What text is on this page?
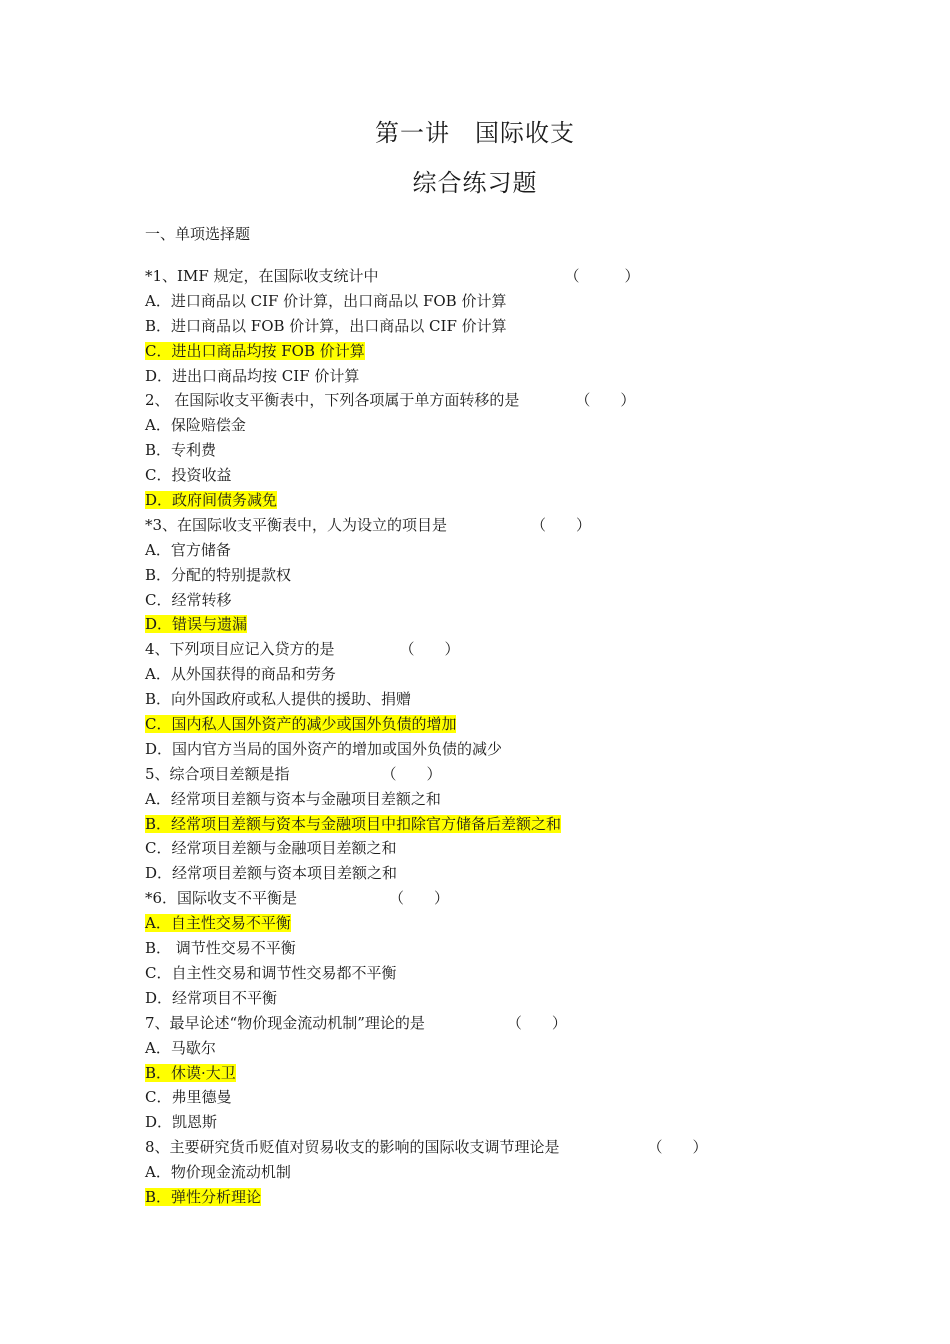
第一讲　国际收支
综合练习题
一、单项选择题
*1、IMF 规定，在国际收支统计中	（　　　）
A．进口商品以 CIF 价计算，出口商品以 FOB 价计算
B．进口商品以 FOB 价计算，出口商品以 CIF 价计算
C．进出口商品均按 FOB 价计算
D．进出口商品均按 CIF 价计算
2、 在国际收支平衡表中，下列各项属于单方面转移的是	（　　）
A．保险赔偿金
B．专利费
C．投资收益
D．政府间债务减免
*3、在国际收支平衡表中，人为设立的项目是	（　　）
A．官方储备
B．分配的特别提款权
C．经常转移
D．错误与遗漏
4、下列项目应记入贷方的是	（　　）
A．从外国获得的商品和劳务
B．向外国政府或私人提供的援助、捐赠
C．国内私人国外资产的减少或国外负债的增加
D．国内官方当局的国外资产的增加或国外负债的减少
5、综合项目差额是指	（　　）
A．经常项目差额与资本与金融项目差额之和
B．经常项目差额与资本与金融项目中扣除官方储备后差额之和
C．经常项目差额与金融项目差额之和
D．经常项目差额与资本项目差额之和
*6．国际收支不平衡是	（　　）
A．自主性交易不平衡
B． 调节性交易不平衡
C．自主性交易和调节性交易都不平衡
D．经常项目不平衡
7、最早论述“物价现金流动机制”理论的是	（　　）
A．马歇尔
B．休谟·大卫
C．弗里德曼
D．凯恩斯
8、主要研究货币贬值对贸易收支的影响的国际收支调节理论是	（　　）
A．物价现金流动机制
B．弹性分析理论
